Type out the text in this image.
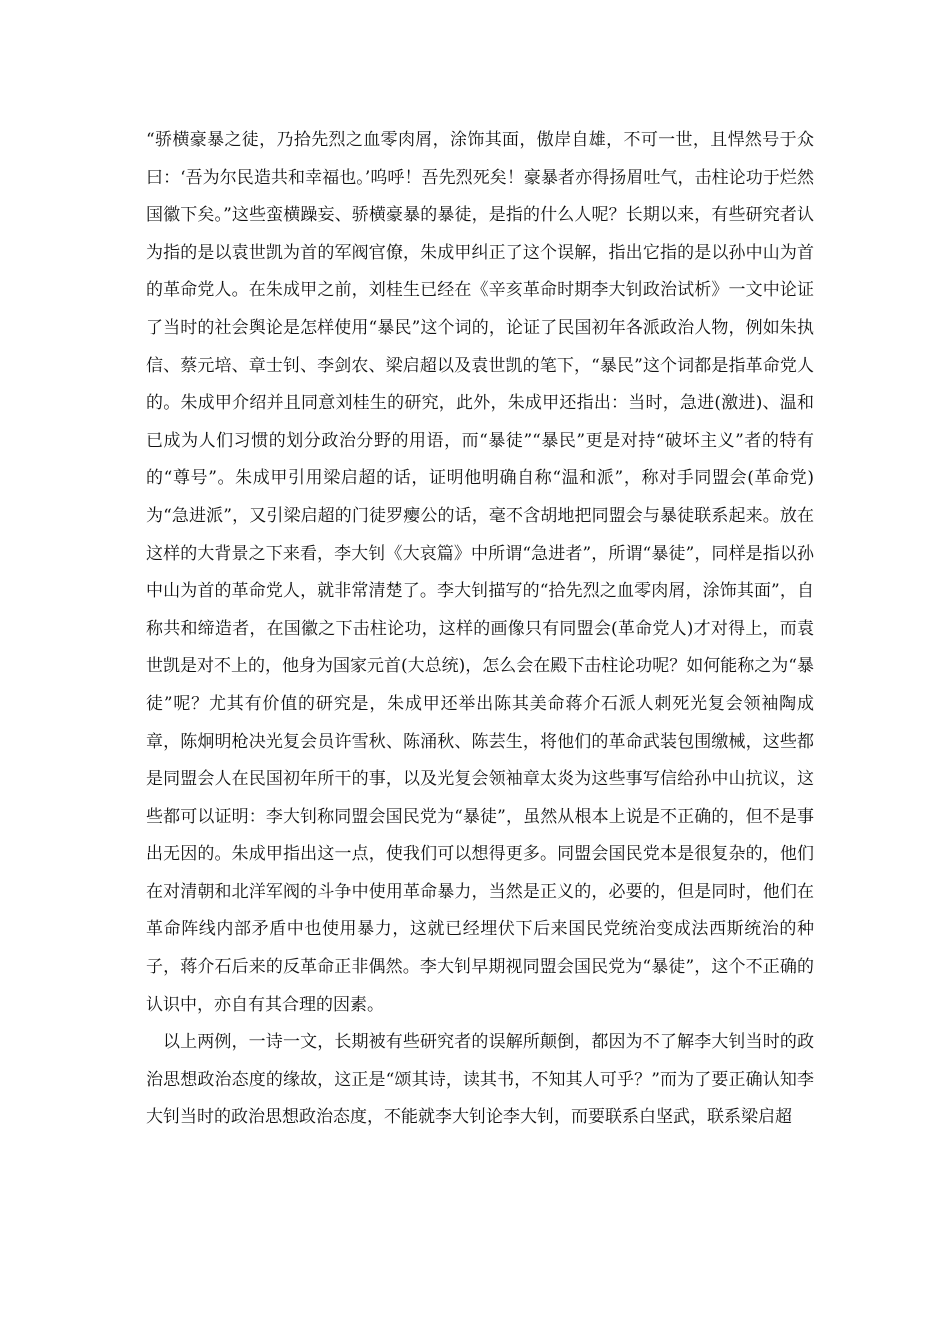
“骄横豪暴之徒，乃拾先烈之血零肉屑，涂饰其面，傲岸自雄，不可一世，且悍然号于众曰：‘吾为尔民造共和幸福也。’呜呼！吾先烈死矣！豪暴者亦得扬眉吐气，击柱论功于烂然国徽下矣。”这些蛮横躁妄、骄横豪暴的暴徒，是指的什么人呢？长期以来，有些研究者认为指的是以袁世凯为首的军阀官僚，朱成甲纠正了这个误解，指出它指的是以孙中山为首的革命党人。在朱成甲之前，刘桂生已经在《辛亥革命时期李大钊政治试析》一文中论证了当时的社会舆论是怎样使用“暴民”这个词的，论证了民国初年各派政治人物，例如朱执信、蔡元培、章士钊、李剑农、梁启超以及袁世凯的笔下，“暴民”这个词都是指革命党人的。朱成甲介绍并且同意刘桂生的研究，此外，朱成甲还指出：当时，急进(激进)、温和已成为人们习惯的划分政治分野的用语，而“暴徒”“暴民”更是对持“破坏主义”者的特有的“尊号”。朱成甲引用梁启超的话，证明他明确自称“温和派”，称对手同盟会(革命党)为“急进派”，又引梁启超的门徒罗瘿公的话，毫不含胡地把同盟会与暴徒联系起来。放在这样的大背景之下来看，李大钊《大哀篇》中所谓“急进者”，所谓“暴徒”，同样是指以孙中山为首的革命党人，就非常清楚了。李大钊描写的“拾先烈之血零肉屑，涂饰其面”，自称共和缔造者，在国徽之下击柱论功，这样的画像只有同盟会(革命党人)才对得上，而袁世凯是对不上的，他身为国家元首(大总统)，怎么会在殿下击柱论功呢？如何能称之为“暴徒”呢？尤其有价值的研究是，朱成甲还举出陈其美命蒋介石派人刺死光复会领袖陶成章，陈炯明枪决光复会员许雪秋、陈涌秋、陈芸生，将他们的革命武装包围缴械，这些都是同盟会人在民国初年所干的事，以及光复会领袖章太炎为这些事写信给孙中山抗议，这些都可以证明：李大钊称同盟会国民党为“暴徒”，虽然从根本上说是不正确的，但不是事出无因的。朱成甲指出这一点，使我们可以想得更多。同盟会国民党本是很复杂的，他们在对清朝和北洋军阀的斗争中使用革命暴力，当然是正义的，必要的，但是同时，他们在革命阵线内部矛盾中也使用暴力，这就已经埋伏下后来国民党统治变成法西斯统治的种子，蒋介石后来的反革命正非偶然。李大钊早期视同盟会国民党为“暴徒”，这个不正确的认识中，亦自有其合理的因素。

以上两例，一诗一文，长期被有些研究者的误解所颠倒，都因为不了解李大钊当时的政治思想政治态度的缘故，这正是“颂其诗，读其书，不知其人可乎？”而为了要正确认知李大钊当时的政治思想政治态度，不能就李大钊论李大钊，而要联系白坚武，联系梁启超
